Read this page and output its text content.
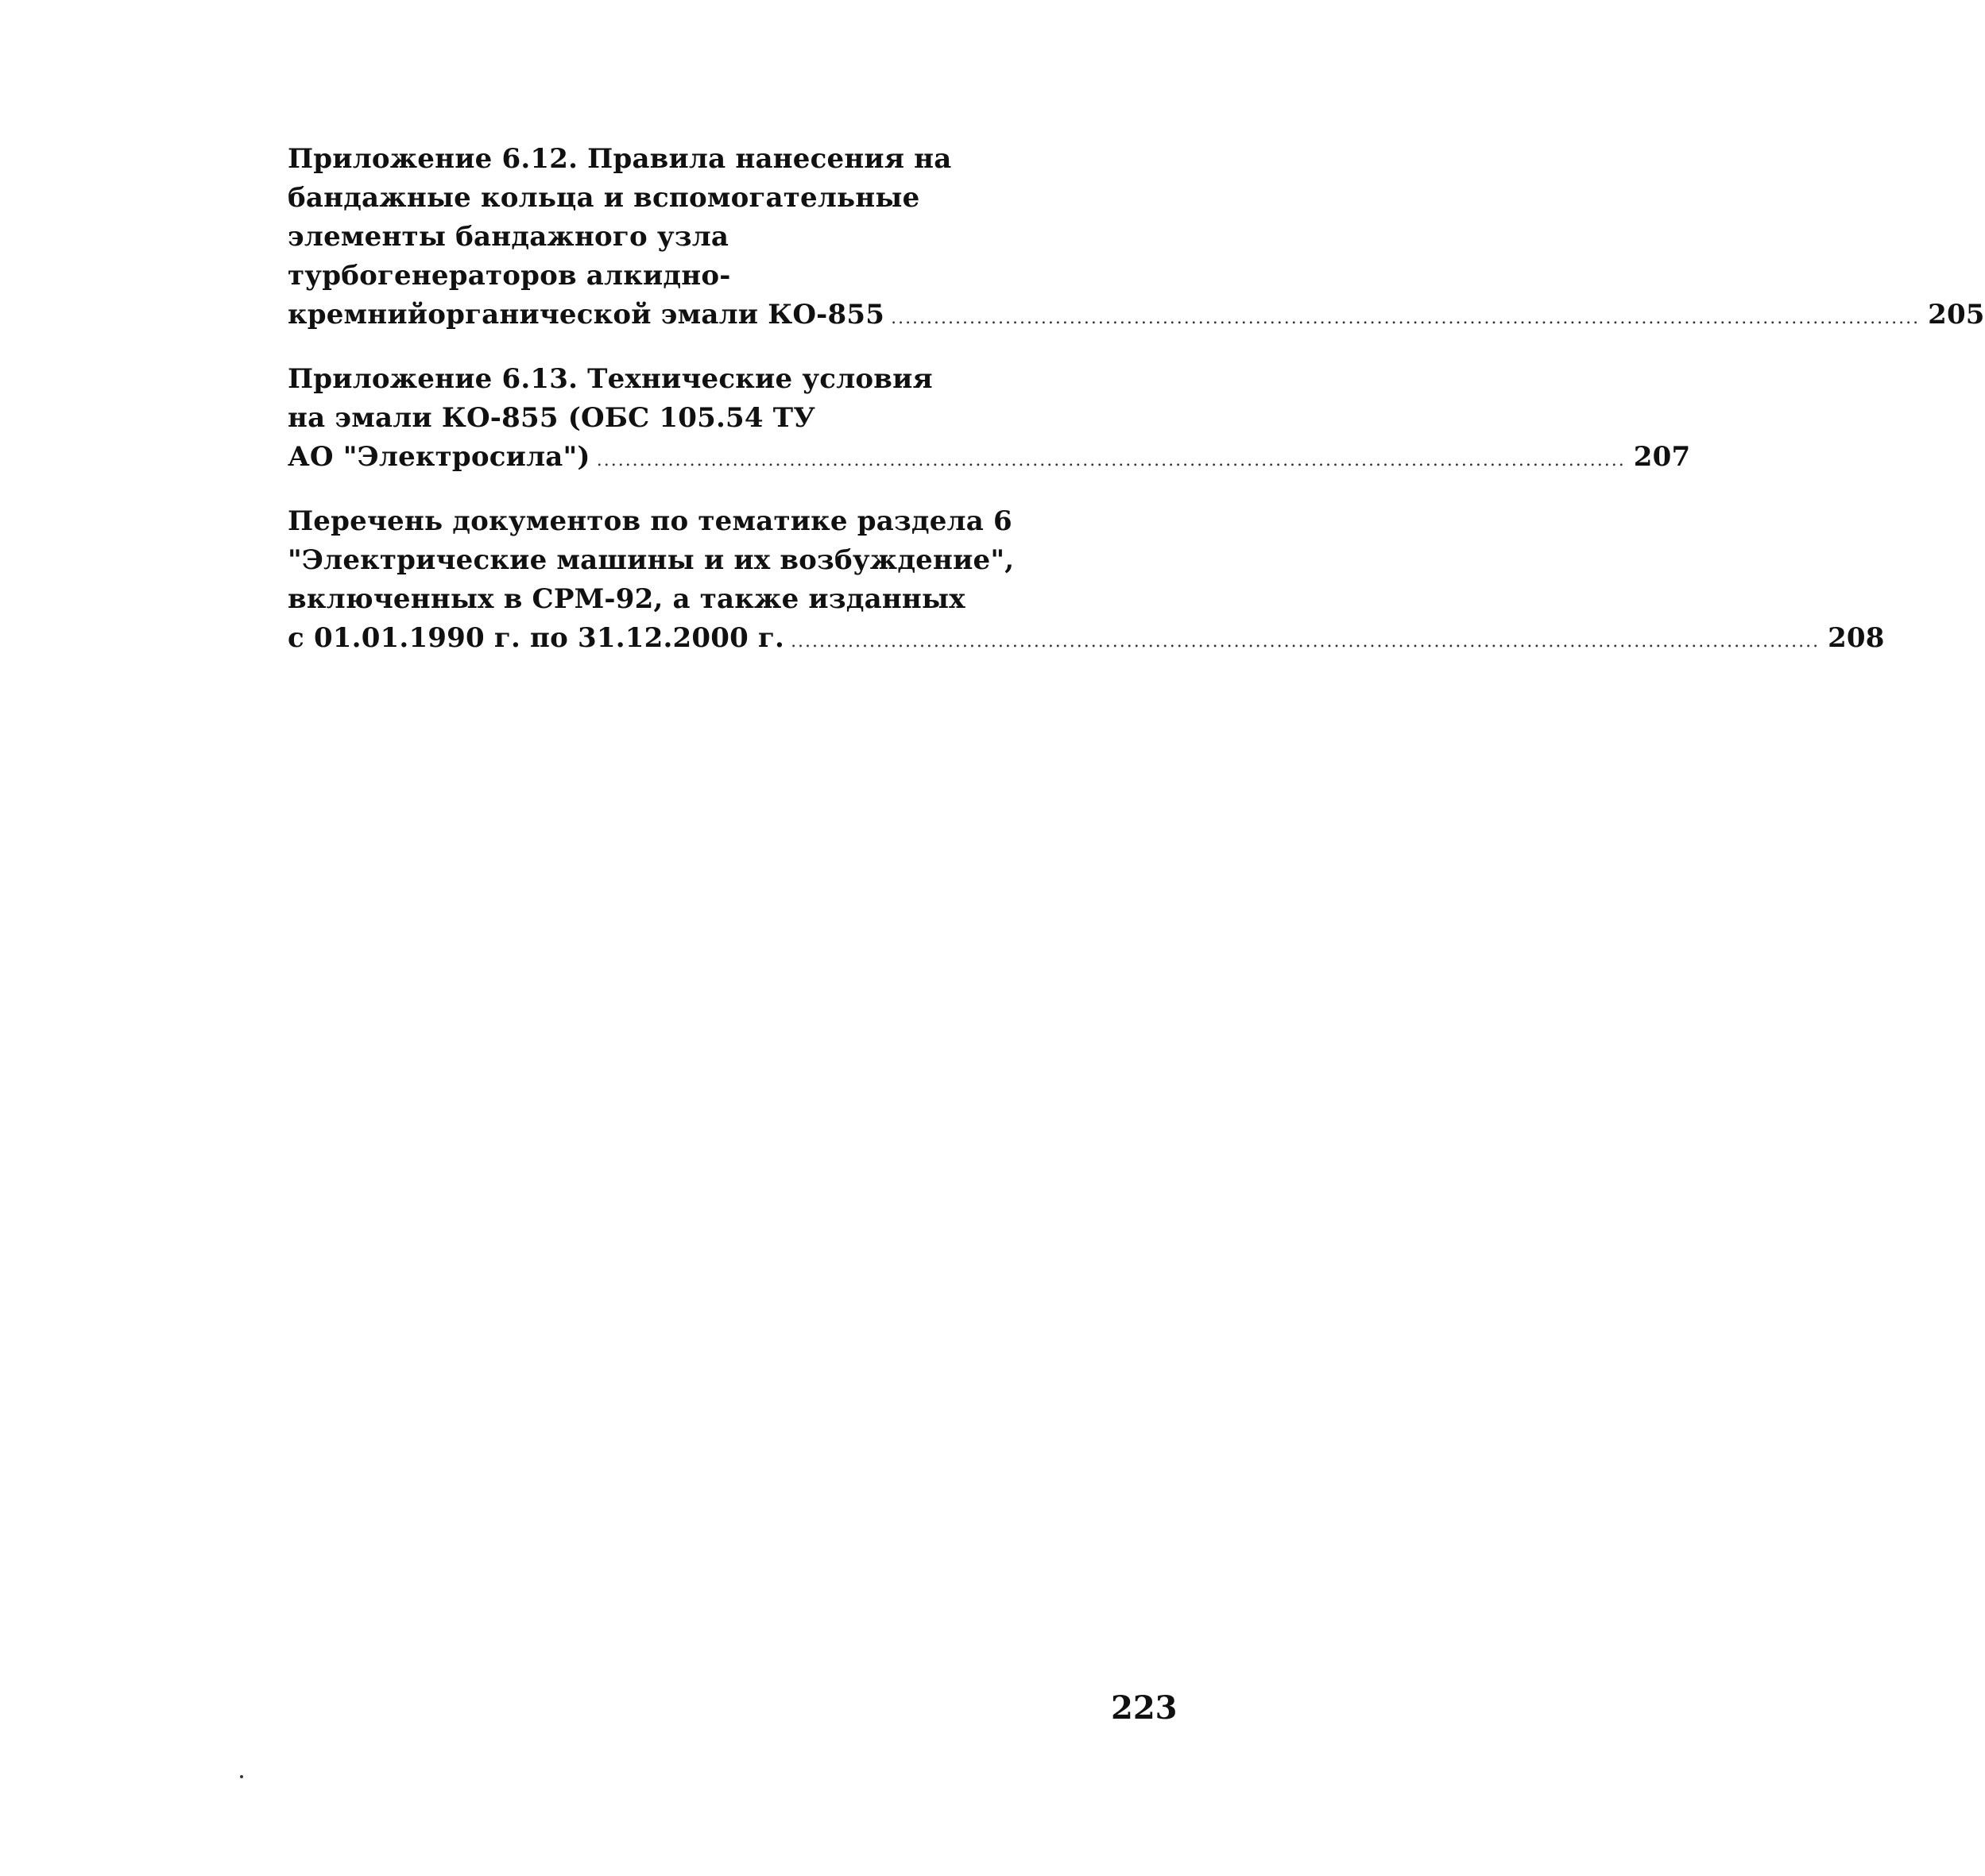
Приложение 6.12. Правила нанесения на
бандажные кольца и вспомогательные
элементы бандажного узла
турбогенераторов алкидно-
кремнийорганической эмали КО-855 ................................................................................................................................................ 205
Приложение 6.13. Технические условия
на эмали КО-855 (ОБС 105.54 ТУ
АО "Электросила") ................................................................................................................................................ 207
Перечень документов по тематике раздела 6
"Электрические машины и их возбуждение",
включенных в СРМ-92, а также изданных
с 01.01.1990 г. по 31.12.2000 г. ................................................................................................................................................ 208
223
